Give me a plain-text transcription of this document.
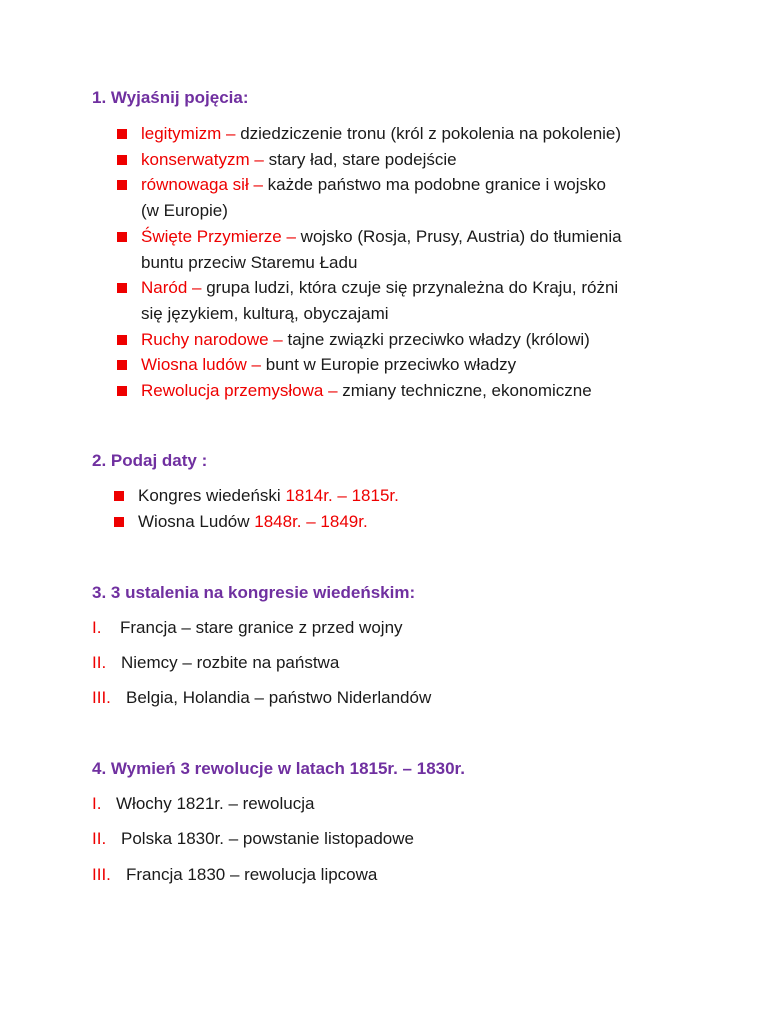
1. Wyjaśnij pojęcia:
legitymizm – dziedziczenie tronu (król z pokolenia na pokolenie)
konserwatyzm – stary ład, stare podejście
równowaga sił – każde państwo ma podobne granice i wojsko
(w Europie)
Święte Przymierze – wojsko (Rosja, Prusy, Austria) do tłumienia
buntu przeciw Staremu Ładu
Naród – grupa ludzi, która czuje się przynależna do Kraju, różni
się językiem, kulturą, obyczajami
Ruchy narodowe – tajne związki przeciwko władzy (królowi)
Wiosna ludów – bunt w Europie przeciwko władzy
Rewolucja przemysłowa – zmiany techniczne, ekonomiczne
2. Podaj daty :
Kongres wiedeński 1814r. – 1815r.
Wiosna Ludów 1848r. – 1849r.
3. 3 ustalenia na kongresie wiedeńskim:
I. Francja – stare granice z przed wojny
II. Niemcy – rozbite na państwa
III. Belgia, Holandia – państwo Niderlandów
4. Wymień 3 rewolucje w latach 1815r. – 1830r.
I. Włochy 1821r. – rewolucja
II. Polska 1830r. – powstanie listopadowe
III. Francja 1830 – rewolucja lipcowa
